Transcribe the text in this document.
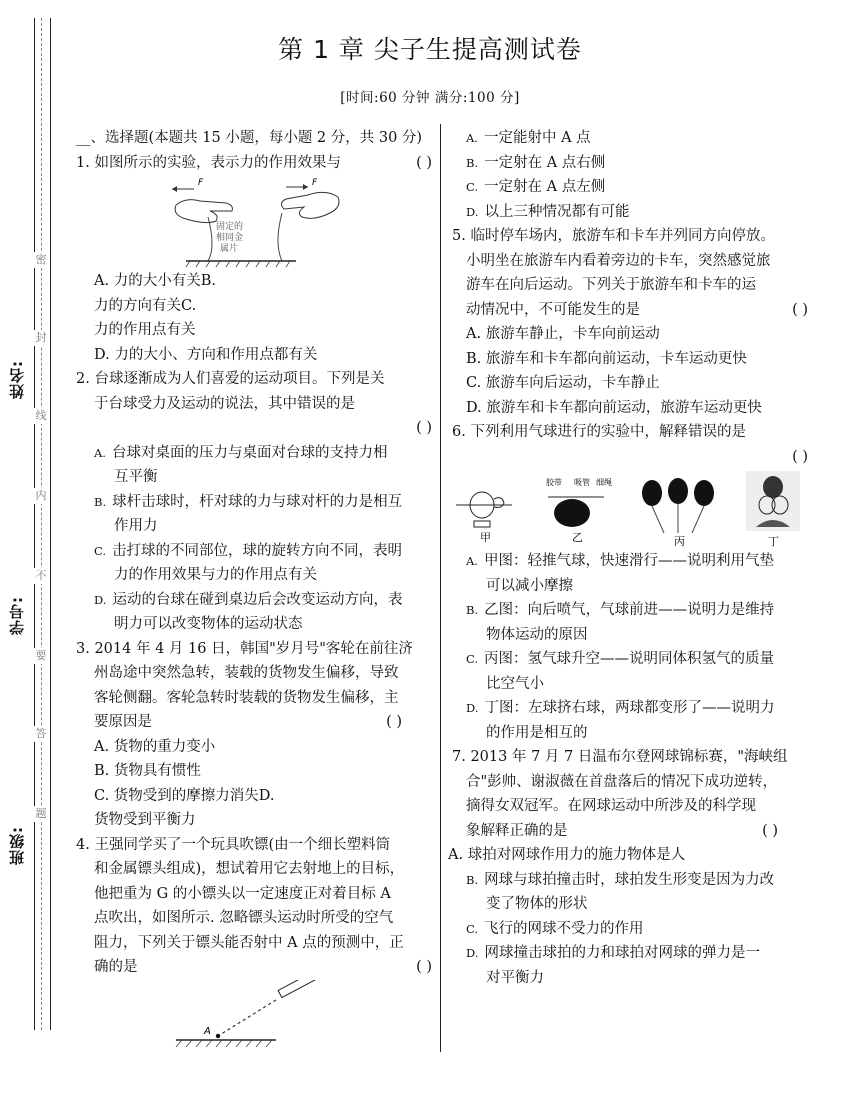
姓名:
学号:
班级:
密
封
线
内
不
要
答
题
第 1 章 尖子生提高测试卷
[时间:60 分钟 满分:100 分]
__、选择题(本题共 15 小题，每小题 2 分，共 30 分)
1. 如图所示的实验，表示力的作用效果与	( )
F	F
固定的
相同金
属片
A. 力的大小有关B.
力的方向有关C.
力的作用点有关
D. 力的大小、方向和作用点都有关
2. 台球逐渐成为人们喜爱的运动项目。下列是关
于台球受力及运动的说法，其中错误的是
( )
A. 台球对桌面的压力与桌面对台球的支持力相
互平衡
B. 球杆击球时，杆对球的力与球对杆的力是相互
作用力
C. 击打球的不同部位，球的旋转方向不同，表明
力的作用效果与力的作用点有关
D. 运动的台球在碰到桌边后会改变运动方向，表
明力可以改变物体的运动状态
3. 2014 年 4 月 16 日，韩国"岁月号"客轮在前往济
州岛途中突然急转，装载的货物发生偏移，导致
客轮侧翻。客轮急转时装载的货物发生偏移，主
要原因是	( )
A. 货物的重力变小
B. 货物具有惯性
C. 货物受到的摩擦力消失D.
货物受到平衡力
4. 王强同学买了一个玩具吹镖(由一个细长塑料筒
和金属镖头组成)，想试着用它去射地上的目标，
他把重为 G 的小镖头以一定速度正对着目标 A
点吹出，如图所示. 忽略镖头运动时所受的空气
阻力，下列关于镖头能否射中 A 点的预测中，正
确的是	( )
A
A. 一定能射中 A 点
B. 一定射在 A 点右侧
C. 一定射在 A 点左侧
D. 以上三种情况都有可能
5. 临时停车场内，旅游车和卡车并列同方向停放。
小明坐在旅游车内看着旁边的卡车，突然感觉旅
游车在向后运动。下列关于旅游车和卡车的运
动情况中，不可能发生的是	( )
A. 旅游车静止，卡车向前运动
B. 旅游车和卡车都向前运动，卡车运动更快
C. 旅游车向后运动，卡车静止
D. 旅游车和卡车都向前运动，旅游车运动更快
6. 下列利用气球进行的实验中，解释错误的是
( )
甲
胶带 吸管 细绳
乙	丙	丁
A. 甲图：轻推气球，快速滑行——说明利用气垫
可以减小摩擦
B. 乙图：向后喷气，气球前进——说明力是维持
物体运动的原因
C. 丙图：氢气球升空——说明同体积氢气的质量
比空气小
D. 丁图：左球挤右球，两球都变形了——说明力
的作用是相互的
7. 2013 年 7 月 7 日温布尔登网球锦标赛，"海峡组
合"彭帅、谢淑薇在首盘落后的情况下成功逆转，
摘得女双冠军。在网球运动中所涉及的科学现
象解释正确的是	( )
A. 球拍对网球作用力的施力物体是人
B. 网球与球拍撞击时，球拍发生形变是因为力改
变了物体的形状
C. 飞行的网球不受力的作用
D. 网球撞击球拍的力和球拍对网球的弹力是一
对平衡力
